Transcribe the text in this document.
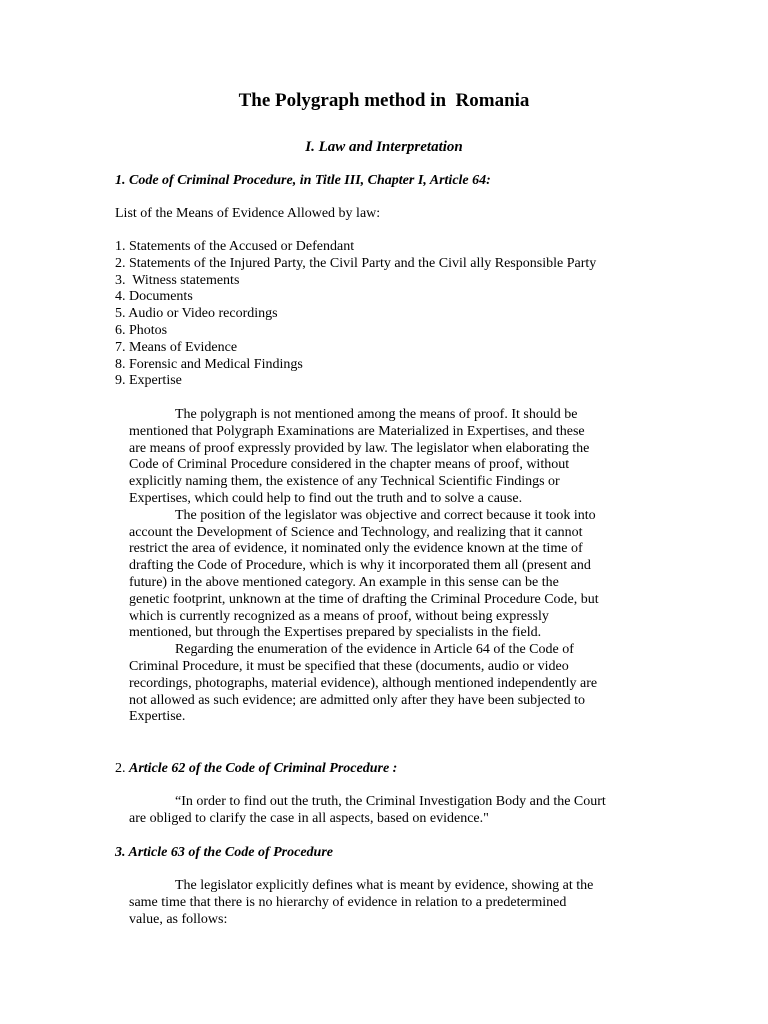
The Polygraph method in  Romania
I. Law and Interpretation
1. Code of Criminal Procedure, in Title III, Chapter I, Article 64:
List of the Means of Evidence Allowed by law:
1. Statements of the Accused or Defendant
2. Statements of the Injured Party, the Civil Party and the Civil ally Responsible Party
3.  Witness statements
4. Documents
5. Audio or Video recordings
6. Photos
7. Means of Evidence
8. Forensic and Medical Findings
9. Expertise
The polygraph is not mentioned among the means of proof. It should be
mentioned that Polygraph Examinations are Materialized in Expertises, and these
are means of proof expressly provided by law. The legislator when elaborating the
Code of Criminal Procedure considered in the chapter means of proof, without
explicitly naming them, the existence of any Technical Scientific Findings or
Expertises, which could help to find out the truth and to solve a cause.
The position of the legislator was objective and correct because it took into
account the Development of Science and Technology, and realizing that it cannot
restrict the area of evidence, it nominated only the evidence known at the time of
drafting the Code of Procedure, which is why it incorporated them all (present and
future) in the above mentioned category. An example in this sense can be the
genetic footprint, unknown at the time of drafting the Criminal Procedure Code, but
which is currently recognized as a means of proof, without being expressly
mentioned, but through the Expertises prepared by specialists in the field.
Regarding the enumeration of the evidence in Article 64 of the Code of
Criminal Procedure, it must be specified that these (documents, audio or video
recordings, photographs, material evidence), although mentioned independently are
not allowed as such evidence; are admitted only after they have been subjected to
Expertise.
2. Article 62 of the Code of Criminal Procedure :
“In order to find out the truth, the Criminal Investigation Body and the Court
are obliged to clarify the case in all aspects, based on evidence."
3. Article 63 of the Code of Procedure
The legislator explicitly defines what is meant by evidence, showing at the
same time that there is no hierarchy of evidence in relation to a predetermined
value, as follows:
